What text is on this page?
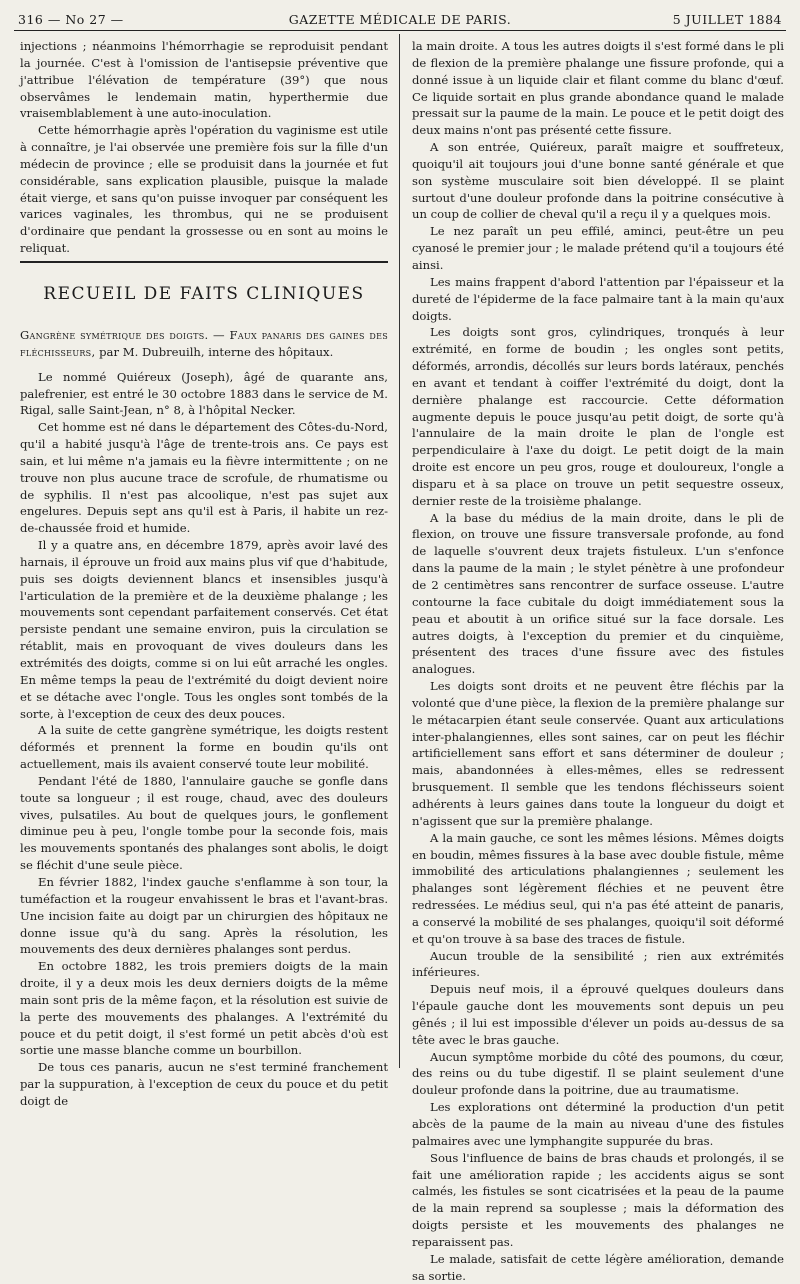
316 — No 27 —	GAZETTE MÉDICALE DE PARIS.	5 JUILLET 1884

injections ; néanmoins l'hémorrhagie se reproduisit pendant la journée. C'est à l'omission de l'antisepsie préventive que j'attribue l'élévation de température (39°) que nous observâmes le lendemain matin, hyperthermie due vraisemblablement à une auto-inoculation.

Cette hémorrhagie après l'opération du vaginisme est utile à connaître, je l'ai observée une première fois sur la fille d'un médecin de province ; elle se produisit dans la journée et fut considérable, sans explication plausible, puisque la malade était vierge, et sans qu'on puisse invoquer par conséquent les varices vaginales, les thrombus, qui ne se produisent d'ordinaire que pendant la grossesse ou en sont au moins le reliquat.

RECUEIL DE FAITS CLINIQUES

Gangrène symétrique des doigts. — Faux panaris des gaines des fléchisseurs, par M. Dubreuilh, interne des hôpitaux.

Le nommé Quiéreux (Joseph), âgé de quarante ans, palefrenier, est entré le 30 octobre 1883 dans le service de M. Rigal, salle Saint-Jean, n° 8, à l'hôpital Necker.

Cet homme est né dans le département des Côtes-du-Nord, qu'il a habité jusqu'à l'âge de trente-trois ans. Ce pays est sain, et lui même n'a jamais eu la fièvre intermittente ; on ne trouve non plus aucune trace de scrofule, de rhumatisme ou de syphilis. Il n'est pas alcoolique, n'est pas sujet aux engelures. Depuis sept ans qu'il est à Paris, il habite un rez-de-chaussée froid et humide.

Il y a quatre ans, en décembre 1879, après avoir lavé des harnais, il éprouve un froid aux mains plus vif que d'habitude, puis ses doigts deviennent blancs et insensibles jusqu'à l'articulation de la première et de la deuxième phalange ; les mouvements sont cependant parfaitement conservés. Cet état persiste pendant une semaine environ, puis la circulation se rétablit, mais en provoquant de vives douleurs dans les extrémités des doigts, comme si on lui eût arraché les ongles. En même temps la peau de l'extrémité du doigt devient noire et se détache avec l'ongle. Tous les ongles sont tombés de la sorte, à l'exception de ceux des deux pouces.

A la suite de cette gangrène symétrique, les doigts restent déformés et prennent la forme en boudin qu'ils ont actuellement, mais ils avaient conservé toute leur mobilité.

Pendant l'été de 1880, l'annulaire gauche se gonfle dans toute sa longueur ; il est rouge, chaud, avec des douleurs vives, pulsatiles. Au bout de quelques jours, le gonflement diminue peu à peu, l'ongle tombe pour la seconde fois, mais les mouvements spontanés des phalanges sont abolis, le doigt se fléchit d'une seule pièce.

En février 1882, l'index gauche s'enflamme à son tour, la tuméfaction et la rougeur envahissent le bras et l'avant-bras. Une incision faite au doigt par un chirurgien des hôpitaux ne donne issue qu'à du sang. Après la résolution, les mouvements des deux dernières phalanges sont perdus.

En octobre 1882, les trois premiers doigts de la main droite, il y a deux mois les deux derniers doigts de la même main sont pris de la même façon, et la résolution est suivie de la perte des mouvements des phalanges. A l'extrémité du pouce et du petit doigt, il s'est formé un petit abcès d'où est sortie une masse blanche comme un bourbillon.

De tous ces panaris, aucun ne s'est terminé franchement par la suppuration, à l'exception de ceux du pouce et du petit doigt de

la main droite. A tous les autres doigts il s'est formé dans le pli de flexion de la première phalange une fissure profonde, qui a donné issue à un liquide clair et filant comme du blanc d'œuf. Ce liquide sortait en plus grande abondance quand le malade pressait sur la paume de la main. Le pouce et le petit doigt des deux mains n'ont pas présenté cette fissure.

A son entrée, Quiéreux, paraît maigre et souffreteux, quoiqu'il ait toujours joui d'une bonne santé générale et que son système musculaire soit bien développé. Il se plaint surtout d'une douleur profonde dans la poitrine consécutive à un coup de collier de cheval qu'il a reçu il y a quelques mois.

Le nez paraît un peu effilé, aminci, peut-être un peu cyanosé le premier jour ; le malade prétend qu'il a toujours été ainsi.

Les mains frappent d'abord l'attention par l'épaisseur et la dureté de l'épiderme de la face palmaire tant à la main qu'aux doigts.

Les doigts sont gros, cylindriques, tronqués à leur extrémité, en forme de boudin ; les ongles sont petits, déformés, arrondis, décollés sur leurs bords latéraux, penchés en avant et tendant à coiffer l'extrémité du doigt, dont la dernière phalange est raccourcie. Cette déformation augmente depuis le pouce jusqu'au petit doigt, de sorte qu'à l'annulaire de la main droite le plan de l'ongle est perpendiculaire à l'axe du doigt. Le petit doigt de la main droite est encore un peu gros, rouge et douloureux, l'ongle a disparu et à sa place on trouve un petit sequestre osseux, dernier reste de la troisième phalange.

A la base du médius de la main droite, dans le pli de flexion, on trouve une fissure transversale profonde, au fond de laquelle s'ouvrent deux trajets fistuleux. L'un s'enfonce dans la paume de la main ; le stylet pénètre à une profondeur de 2 centimètres sans rencontrer de surface osseuse. L'autre contourne la face cubitale du doigt immédiatement sous la peau et aboutit à un orifice situé sur la face dorsale. Les autres doigts, à l'exception du premier et du cinquième, présentent des traces d'une fissure avec des fistules analogues.

Les doigts sont droits et ne peuvent être fléchis par la volonté que d'une pièce, la flexion de la première phalange sur le métacarpien étant seule conservée. Quant aux articulations inter-phalangiennes, elles sont saines, car on peut les fléchir artificiellement sans effort et sans déterminer de douleur ; mais, abandonnées à elles-mêmes, elles se redressent brusquement. Il semble que les tendons fléchisseurs soient adhérents à leurs gaines dans toute la longueur du doigt et n'agissent que sur la première phalange.

A la main gauche, ce sont les mêmes lésions. Mêmes doigts en boudin, mêmes fissures à la base avec double fistule, même immobilité des articulations phalangiennes ; seulement les phalanges sont légèrement fléchies et ne peuvent être redressées. Le médius seul, qui n'a pas été atteint de panaris, a conservé la mobilité de ses phalanges, quoiqu'il soit déformé et qu'on trouve à sa base des traces de fistule.

Aucun trouble de la sensibilité ; rien aux extrémités inférieures.

Depuis neuf mois, il a éprouvé quelques douleurs dans l'épaule gauche dont les mouvements sont depuis un peu gênés ; il lui est impossible d'élever un poids au-dessus de sa tête avec le bras gauche.

Aucun symptôme morbide du côté des poumons, du cœur, des reins ou du tube digestif. Il se plaint seulement d'une douleur profonde dans la poitrine, due au traumatisme.

Les explorations ont déterminé la production d'un petit abcès de la paume de la main au niveau d'une des fistules palmaires avec une lymphangite suppurée du bras.

Sous l'influence de bains de bras chauds et prolongés, il se fait une amélioration rapide ; les accidents aigus se sont calmés, les fistules se sont cicatrisées et la peau de la paume de la main reprend sa souplesse ; mais la déformation des doigts persiste et les mouvements des phalanges ne reparaissent pas.

Le malade, satisfait de cette légère amélioration, demande sa sortie.
